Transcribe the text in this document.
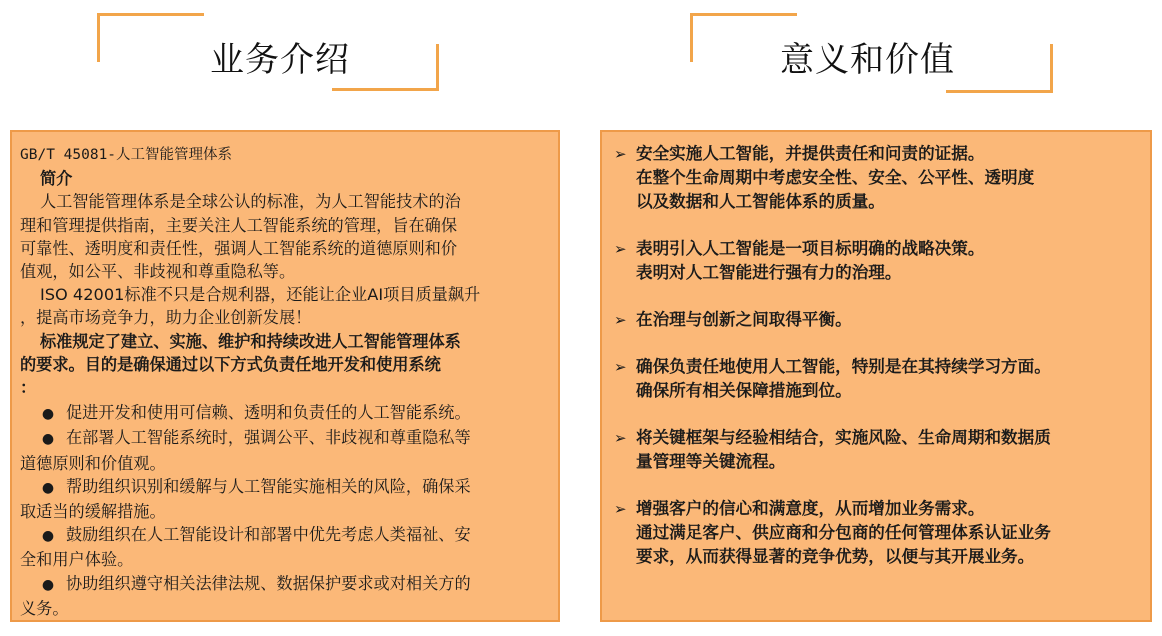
业务介绍	意义和价值
GB/T 45081-人工智能管理体系
简介
人工智能管理体系是全球公认的标准，为人工智能技术的治
理和管理提供指南，主要关注人工智能系统的管理，旨在确保
可靠性、透明度和责任性，强调人工智能系统的道德原则和价
值观，如公平、非歧视和尊重隐私等。
ISO 42001标准不只是合规利器，还能让企业AI项目质量飙升
，提高市场竞争力，助力企业创新发展！
标准规定了建立、实施、维护和持续改进人工智能管理体系
的要求。目的是确保通过以下方式负责任地开发和使用系统
：
● 促进开发和使用可信赖、透明和负责任的人工智能系统。
● 在部署人工智能系统时，强调公平、非歧视和尊重隐私等
道德原则和价值观。
● 帮助组织识别和缓解与人工智能实施相关的风险，确保采
取适当的缓解措施。
● 鼓励组织在人工智能设计和部署中优先考虑人类福祉、安
全和用户体验。
● 协助组织遵守相关法律法规、数据保护要求或对相关方的
义务。
➢ 安全实施人工智能，并提供责任和问责的证据。
在整个生命周期中考虑安全性、安全、公平性、透明度
以及数据和人工智能体系的质量。
➢ 表明引入人工智能是一项目标明确的战略决策。
表明对人工智能进行强有力的治理。
➢ 在治理与创新之间取得平衡。
➢ 确保负责任地使用人工智能，特别是在其持续学习方面。
确保所有相关保障措施到位。
➢ 将关键框架与经验相结合，实施风险、生命周期和数据质
量管理等关键流程。
➢ 增强客户的信心和满意度，从而增加业务需求。
通过满足客户、供应商和分包商的任何管理体系认证业务
要求，从而获得显著的竞争优势，以便与其开展业务。
